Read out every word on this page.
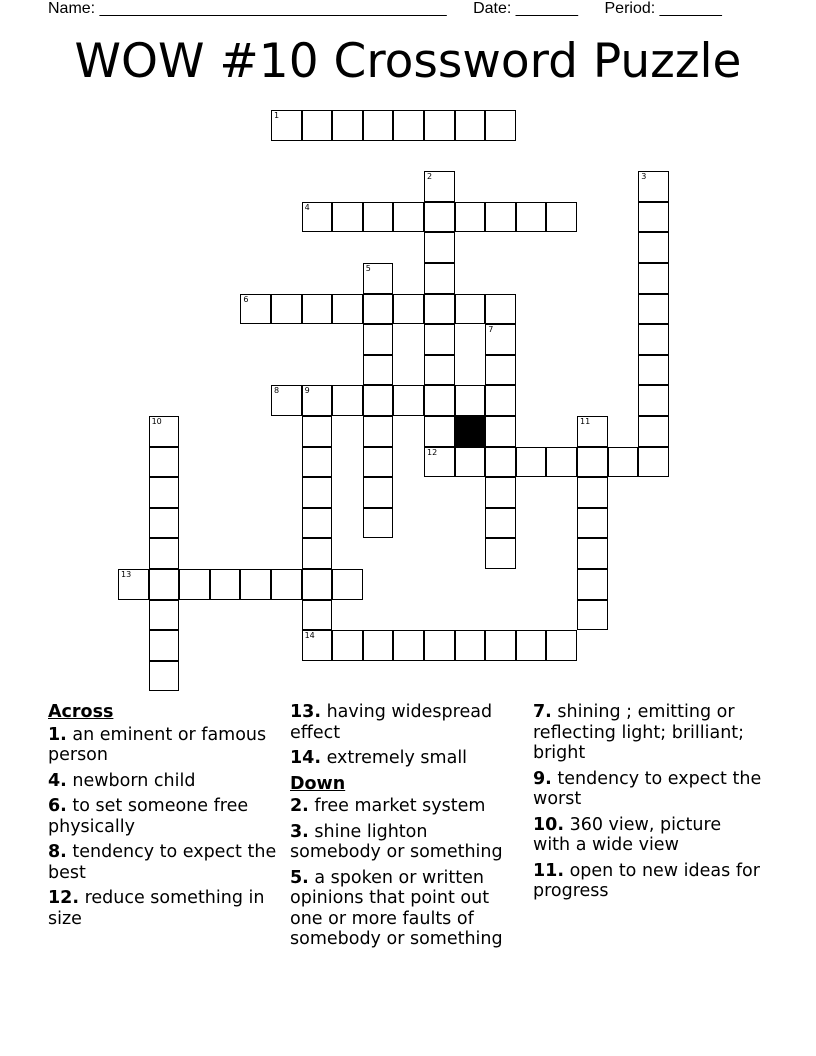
Name: _______________________________________ Date: _______ Period: _______
WOW #10 Crossword Puzzle
1
2
12
3
4
5
6
7
8	9
14
10	11
13
Across
1. an eminent or famous person
4. newborn child
6. to set someone free physically
8. tendency to expect the best
12. reduce something in size
13. having widespread effect
14. extremely small
Down
2. free market system
3. shine lighton somebody or something
5. a spoken or written opinions that point out one or more faults of somebody or something
7. shining ; emitting or reflecting light; brilliant; bright
9. tendency to expect the worst
10. 360 view, picture with a wide view
11. open to new ideas for progress
